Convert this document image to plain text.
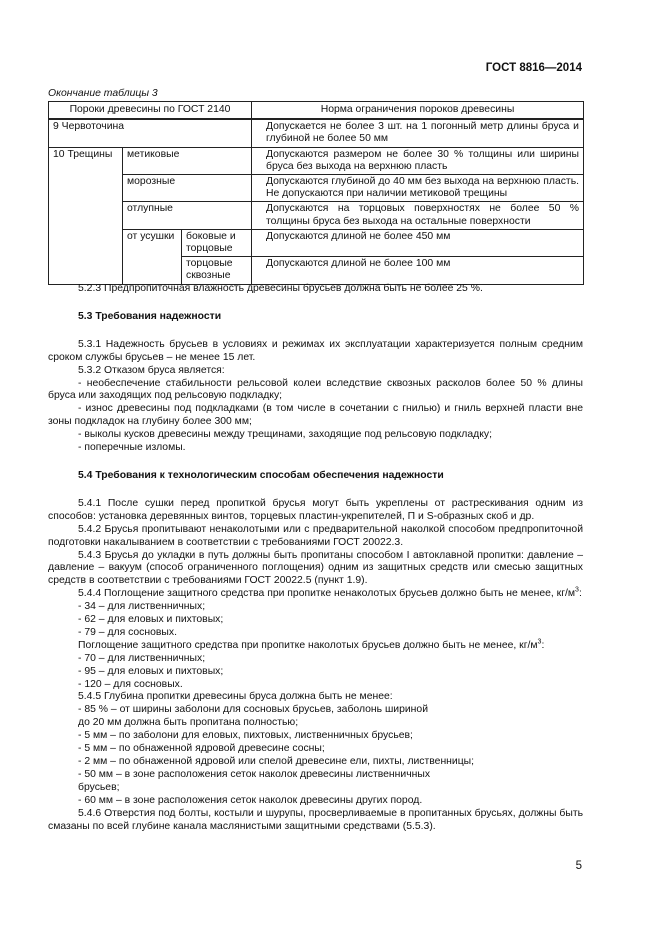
ГОСТ 8816—2014
Окончание таблицы 3
Пороки древесины по ГОСТ 2140			Норма ограничения пороков древесины
9 Червоточина			Допускается не более 3 шт. на 1 погонный метр длины бруса и глубиной не более 50 мм
10 Трещины	метиковые		Допускаются размером не более 30 % толщины или ширины бруса без выхода на верхнюю пласть
	морозные		Допускаются глубиной до 40 мм без выхода на верхнюю пласть. Не допускаются при наличии метиковой трещины
	отлупные		Допускаются на торцовых поверхностях не более 50 % толщины бруса без выхода на остальные поверхности
	от усушки	боковые и торцовые	Допускаются длиной не более 450 мм
		торцовые сквозные	Допускаются длиной не более 100 мм

5.2.3 Предпропиточная влажность древесины брусьев должна быть не более 25 %.

5.3 Требования надежности

5.3.1 Надежность брусьев в условиях и режимах их эксплуатации характеризуется полным средним сроком службы брусьев – не менее 15 лет.

5.3.2 Отказом бруса является:

- необеспечение стабильности рельсовой колеи вследствие сквозных расколов более 50 % длины бруса или заходящих под рельсовую подкладку;

- износ древесины под подкладками (в том числе в сочетании с гнилью) и гниль верхней пласти вне зоны подкладок на глубину более 300 мм;

- выколы кусков древесины между трещинами, заходящие под рельсовую подкладку;

- поперечные изломы.

5.4 Требования к технологическим способам обеспечения надежности

5.4.1 После сушки перед пропиткой брусья могут быть укреплены от растрескивания одним из способов: установка деревянных винтов, торцевых пластин-укрепителей, П и S-образных скоб и др.

5.4.2 Брусья пропитывают ненаколотыми или с предварительной наколкой способом предпропиточной подготовки накалыванием в соответствии с требованиями ГОСТ 20022.3.

5.4.3 Брусья до укладки в путь должны быть пропитаны способом I автоклавной пропитки: давление – давление – вакуум (способ ограниченного поглощения) одним из защитных средств или смесью защитных средств в соответствии с требованиями ГОСТ 20022.5 (пункт 1.9).

5.4.4 Поглощение защитного средства при пропитке ненаколотых брусьев должно быть не менее, $кг/м^3$:

- 34 – для лиственничных;

- 62 – для еловых и пихтовых;

- 79 – для сосновых.

Поглощение защитного средства при пропитке наколотых брусьев должно быть не менее, $кг/м^3$:

- 70 – для лиственничных;

- 95 – для еловых и пихтовых;

- 120 – для сосновых.

5.4.5 Глубина пропитки древесины бруса должна быть не менее:

- 85 % – от ширины заболони для сосновых брусьев, заболонь шириной

до 20 мм должна быть пропитана полностью;

- 5 мм – по заболони для еловых, пихтовых, лиственничных брусьев;

- 5 мм – по обнаженной ядровой древесине сосны;

- 2 мм – по обнаженной ядровой или спелой древесине ели, пихты, лиственницы;

- 50 мм – в зоне расположения сеток наколок древесины лиственничных

брусьев;

- 60 мм – в зоне расположения сеток наколок древесины других пород.

5.4.6 Отверстия под болты, костыли и шурупы, просверливаемые в пропитанных брусьях, должны быть смазаны по всей глубине канала маслянистыми защитными средствами (5.5.3).

5
